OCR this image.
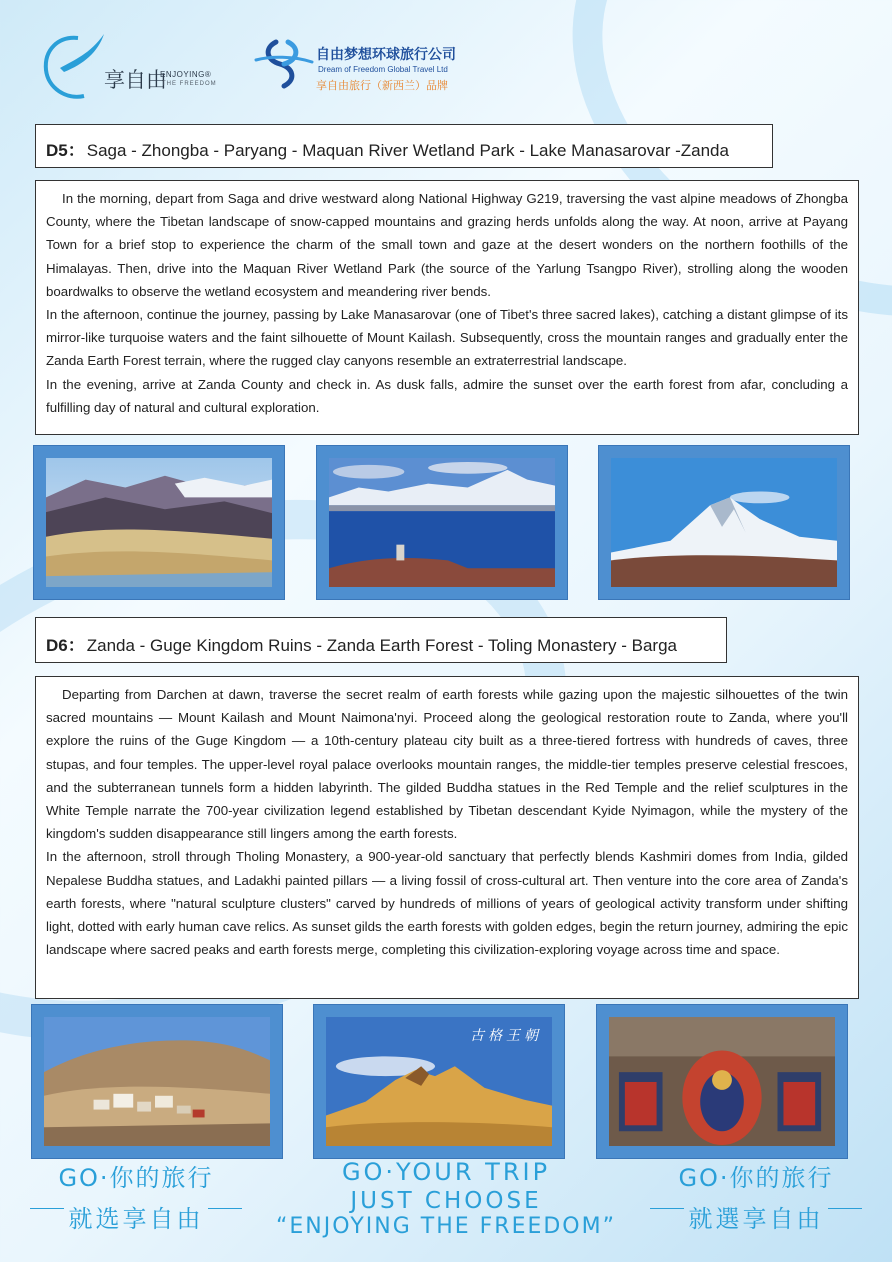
享自由
ENJOYING®
THE FREEDOM
自由梦想环球旅行公司
Dream of Freedom Global Travel Ltd
享自由旅行（新西兰）品牌
D5： Saga - Zhongba - Paryang - Maquan River Wetland Park - Lake Manasarovar -Zanda

In the morning, depart from Saga and drive westward along National Highway G219, traversing the vast alpine meadows of Zhongba County, where the Tibetan landscape of snow-capped mountains and grazing herds unfolds along the way. At noon, arrive at Payang Town for a brief stop to experience the charm of the small town and gaze at the desert wonders on the northern foothills of the Himalayas. Then, drive into the Maquan River Wetland Park (the source of the Yarlung Tsangpo River), strolling along the wooden boardwalks to observe the wetland ecosystem and meandering river bends.

In the afternoon, continue the journey, passing by Lake Manasarovar (one of Tibet's three sacred lakes), catching a distant glimpse of its mirror-like turquoise waters and the faint silhouette of Mount Kailash. Subsequently, cross the mountain ranges and gradually enter the Zanda Earth Forest terrain, where the rugged clay canyons resemble an extraterrestrial landscape.

In the evening, arrive at Zanda County and check in. As dusk falls, admire the sunset over the earth forest from afar, concluding a fulfilling day of natural and cultural exploration.

D6： Zanda - Guge Kingdom Ruins - Zanda Earth Forest - Toling Monastery - Barga

Departing from Darchen at dawn, traverse the secret realm of earth forests while gazing upon the majestic silhouettes of the twin sacred mountains — Mount Kailash and Mount Naimona'nyi. Proceed along the geological restoration route to Zanda, where you'll explore the ruins of the Guge Kingdom — a 10th-century plateau city built as a three-tiered fortress with hundreds of caves, three stupas, and four temples. The upper-level royal palace overlooks mountain ranges, the middle-tier temples preserve celestial frescoes, and the subterranean tunnels form a hidden labyrinth. The gilded Buddha statues in the Red Temple and the relief sculptures in the White Temple narrate the 700-year civilization legend established by Tibetan descendant Kyide Nyimagon, while the mystery of the kingdom's sudden disappearance still lingers among the earth forests.

In the afternoon, stroll through Tholing Monastery, a 900-year-old sanctuary that perfectly blends Kashmiri domes from India, gilded Nepalese Buddha statues, and Ladakhi painted pillars — a living fossil of cross-cultural art. Then venture into the core area of Zanda's earth forests, where "natural sculpture clusters" carved by hundreds of millions of years of geological activity transform under shifting light, dotted with early human cave relics. As sunset gilds the earth forests with golden edges, begin the return journey, admiring the epic landscape where sacred peaks and earth forests merge, completing this civilization-exploring voyage across time and space.

古格王朝
GO·你的旅行
就选享自由
GO·YOUR TRIP
JUST CHOOSE
“ENJOYING THE FREEDOM”
GO·你的旅行
就選享自由
